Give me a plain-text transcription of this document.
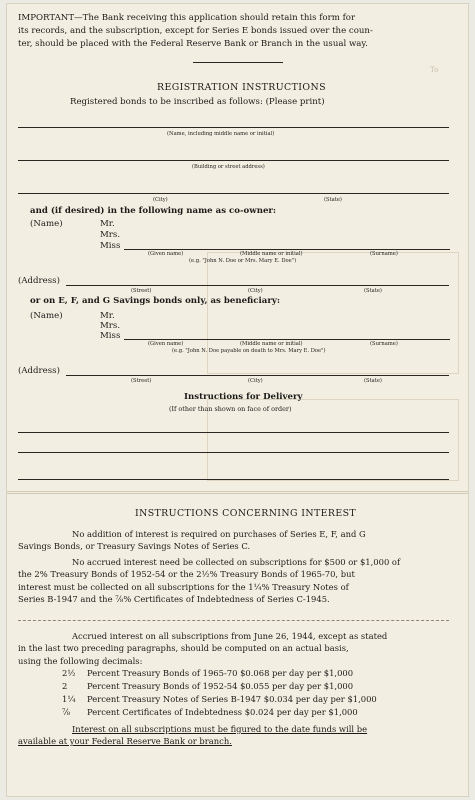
To
IMPORTANT—The Bank receiving this application should retain this form for
its records, and the subscription, except for Series E bonds issued over the coun-
ter, should be placed with the Federal Reserve Bank or Branch in the usual way.
REGISTRATION INSTRUCTIONS
Registered bonds to be inscribed as follows: (Please print)
(Name, including middle name or initial)
(Building or street address)
(City)	(State)
and (if desired) in the following name as co-owner:
(Name)	Mr.
Mrs.
Miss
(Given name)	(Middle name or initial)	(Surname)
(e.g. "John N. Doe or Mrs. Mary E. Doe")
(Address)
(Street)	(City)	(State)
or on E, F, and G Savings bonds only, as beneficiary:
(Name)	Mr.
Mrs.
Miss
(Given name)	(Middle name or initial)	(Surname)
(e.g. "John N. Doe payable on death to Mrs. Mary E. Doe")
(Address)
(Street)	(City)	(State)
Instructions for Delivery
(If other than shown on face of order)
INSTRUCTIONS CONCERNING INTEREST
No addition of interest is required on purchases of Series E, F, and G
Savings Bonds, or Treasury Savings Notes of Series C.
No accrued interest need be collected on subscriptions for $500 or $1,000 of
the 2% Treasury Bonds of 1952-54 or the 2½% Treasury Bonds of 1965-70, but
interest must be collected on all subscriptions for the 1¼% Treasury Notes of
Series B-1947 and the ⅞% Certificates of Indebtedness of Series C-1945.
Accrued interest on all subscriptions from June 26, 1944, except as stated
in the last two preceding paragraphs, should be computed on an actual basis,
using the following decimals:
2½ Percent Treasury Bonds of 1965-70 $0.068 per day per $1,000
2 Percent Treasury Bonds of 1952-54 $0.055 per day per $1,000
1¼ Percent Treasury Notes of Series B-1947 $0.034 per day per $1,000
⅞ Percent Certificates of Indebtedness $0.024 per day per $1,000
Interest on all subscriptions must be figured to the date funds will be
available at your Federal Reserve Bank or branch.
